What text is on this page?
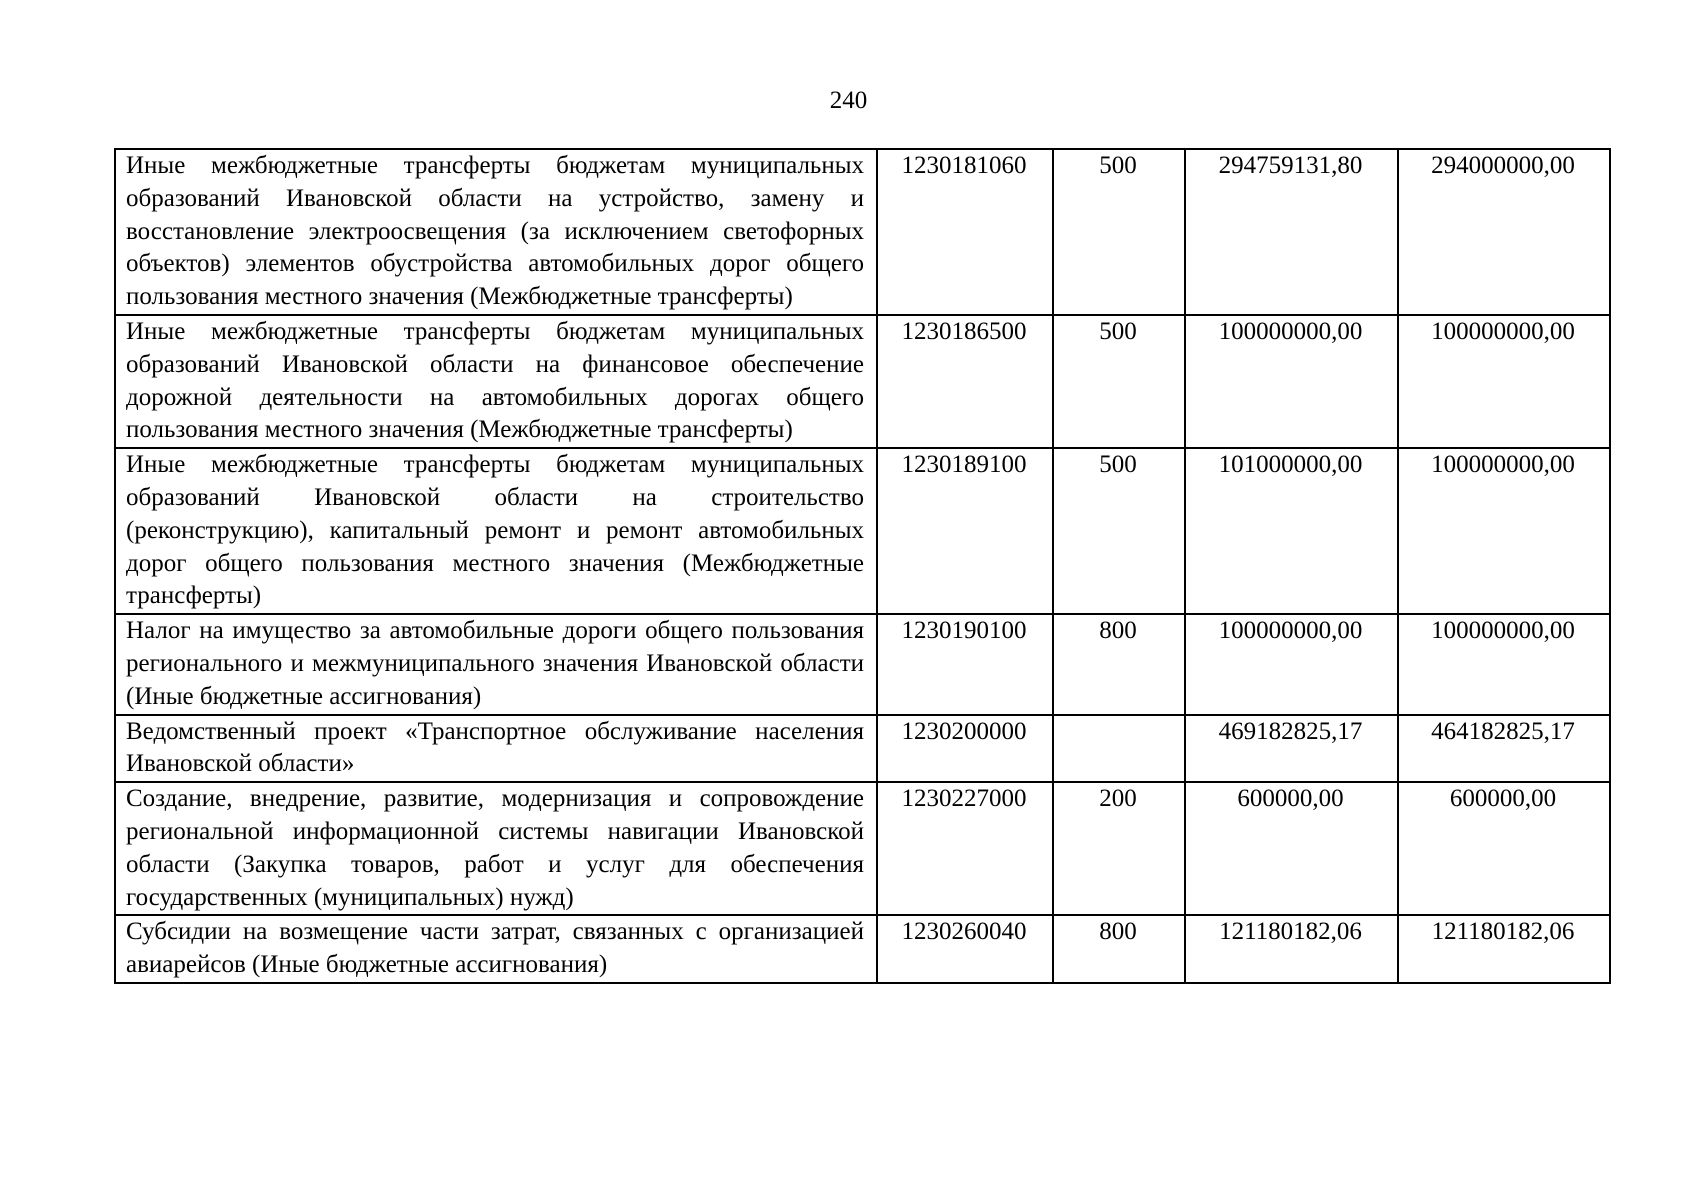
240
Иные межбюджетные трансферты бюджетам муниципальных образований Ивановской области на устройство, замену и восстановление электроосвещения (за исключением светофорных объектов) элементов обустройства автомобильных дорог общего пользования местного значения (Межбюджетные трансферты)	1230181060	500	294759131,80	294000000,00
Иные межбюджетные трансферты бюджетам муниципальных образований Ивановской области на финансовое обеспечение дорожной деятельности на автомобильных дорогах общего пользования местного значения (Межбюджетные трансферты)	1230186500	500	100000000,00	100000000,00
Иные межбюджетные трансферты бюджетам муниципальных образований Ивановской области на строительство (реконструкцию), капитальный ремонт и ремонт автомобильных дорог общего пользования местного значения (Межбюджетные трансферты)	1230189100	500	101000000,00	100000000,00
Налог на имущество за автомобильные дороги общего пользования регионального и межмуниципального значения Ивановской области (Иные бюджетные ассигнования)	1230190100	800	100000000,00	100000000,00
Ведомственный проект «Транспортное обслуживание населения Ивановской области»	1230200000		469182825,17	464182825,17
Создание, внедрение, развитие, модернизация и сопровождение региональной информационной системы навигации Ивановской области (Закупка товаров, работ и услуг для обеспечения государственных (муниципальных) нужд)	1230227000	200	600000,00	600000,00
Субсидии на возмещение части затрат, связанных с организацией авиарейсов (Иные бюджетные ассигнования)	1230260040	800	121180182,06	121180182,06
